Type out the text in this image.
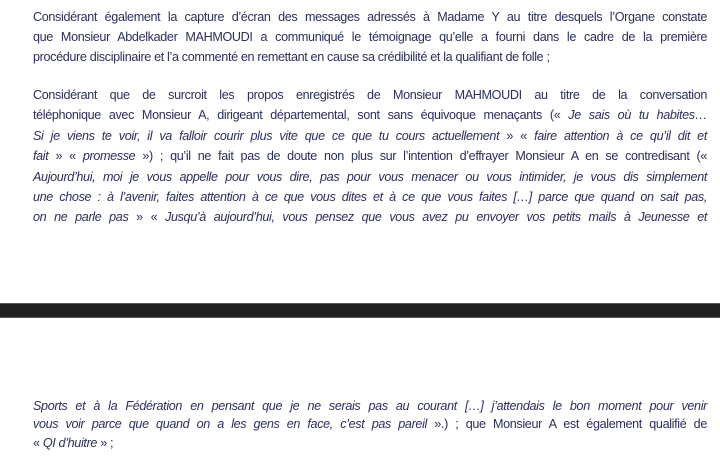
Considérant également la capture d’écran des messages adressés à Madame Y au titre desquels l’Organe constate
que Monsieur Abdelkader MAHMOUDI a communiqué le témoignage qu’elle a fourni dans le cadre de la première
procédure disciplinaire et l’a commenté en remettant en cause sa crédibilité et la qualifiant de folle ;
Considérant que de surcroit les propos enregistrés de Monsieur MAHMOUDI au titre de la conversation
téléphonique avec Monsieur A, dirigeant départemental, sont sans équivoque menaçants (« Je sais où tu habites…
Si je viens te voir, il va falloir courir plus vite que ce que tu cours actuellement » « faire attention à ce qu’il dit et
fait » « promesse ») ; qu’il ne fait pas de doute non plus sur l’intention d’effrayer Monsieur A en se contredisant («
Aujourd’hui, moi je vous appelle pour vous dire, pas pour vous menacer ou vous intimider, je vous dis simplement
une chose : à l’avenir, faites attention à ce que vous dites et à ce que vous faites […] parce que quand on sait pas,
on ne parle pas » « Jusqu’à aujourd’hui, vous pensez que vous avez pu envoyer vos petits mails à Jeunesse et
Sports et à la Fédération en pensant que je ne serais pas au courant […] j’attendais le bon moment pour venir
vous voir parce que quand on a les gens en face, c’est pas pareil ».) ; que Monsieur A est également qualifié de
« QI d’huitre » ;
